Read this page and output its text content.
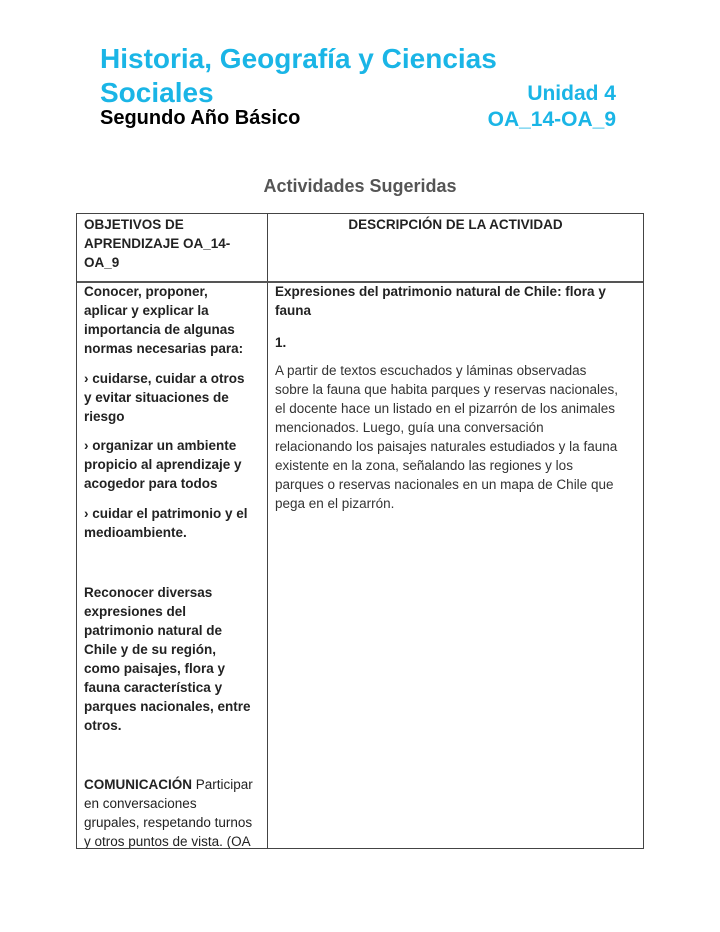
Historia, Geografía y Ciencias
Sociales
Segundo Año Básico
Unidad 4
OA_14-OA_9
Actividades Sugeridas
OBJETIVOS DE
APRENDIZAJE OA_14-
OA_9
DESCRIPCIÓN DE LA ACTIVIDAD
Conocer, proponer,
aplicar y explicar la
importancia de algunas
normas necesarias para:
› cuidarse, cuidar a otros
y evitar situaciones de
riesgo
› organizar un ambiente
propicio al aprendizaje y
acogedor para todos
› cuidar el patrimonio y el
medioambiente.
Reconocer diversas
expresiones del
patrimonio natural de
Chile y de su región,
como paisajes, flora y
fauna característica y
parques nacionales, entre
otros.
COMUNICACIÓN Participar
en conversaciones
grupales, respetando turnos
y otros puntos de vista. (OA
Expresiones del patrimonio natural de Chile: flora y
fauna
1.
A partir de textos escuchados y láminas observadas
sobre la fauna que habita parques y reservas nacionales,
el docente hace un listado en el pizarrón de los animales
mencionados. Luego, guía una conversación
relacionando los paisajes naturales estudiados y la fauna
existente en la zona, señalando las regiones y los
parques o reservas nacionales en un mapa de Chile que
pega en el pizarrón.
